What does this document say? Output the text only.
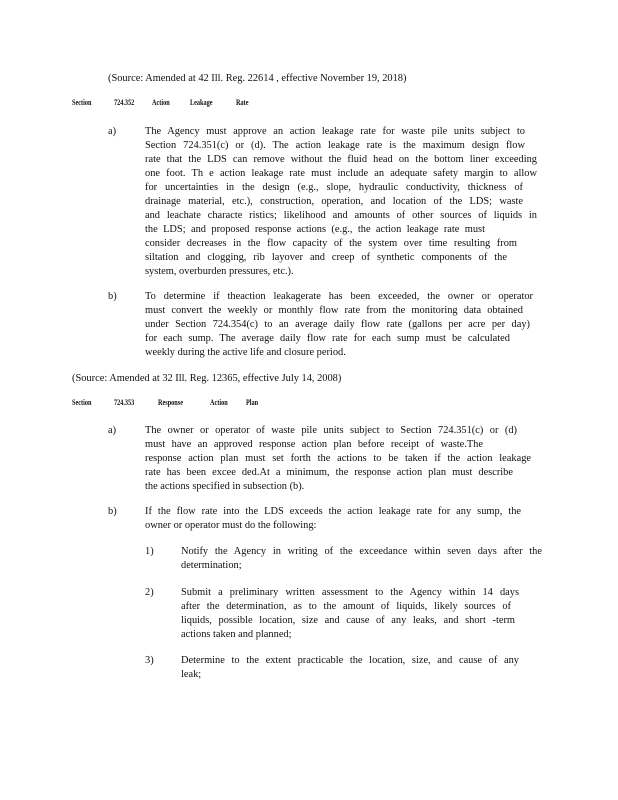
(Source: Amended at 42 Ill. Reg. 22614 , effective November 19, 2018)
Section	724.352 Action	Leakage	Rate
a)	The Agency must approve an action leakage rate for waste pile units subject to
Section 724.351(c) or (d). The action leakage rate is the maximum design flow
rate that the LDS can remove without the fluid head on the bottom liner exceeding
one foot. Th e action leakage rate must include an adequate safety margin to allow
for uncertainties in the design (e.g., slope, hydraulic conductivity, thickness of
drainage material, etc.), construction, operation, and location of the LDS; waste
and leachate characte ristics; likelihood and amounts of other sources of liquids in
the LDS; and proposed response actions (e.g., the action leakage rate must
consider decreases in the flow capacity of the system over time resulting from
siltation and clogging, rib layover and creep of synthetic components of the
system, overburden pressures, etc.).
b)	To determine if theaction leakagerate has been exceeded, the owner or operator
must convert the weekly or monthly flow rate from the monitoring data obtained
under Section 724.354(c) to an average daily flow rate (gallons per acre per day)
for each sump. The average daily flow rate for each sump must be calculated
weekly during the active life and closure period.
(Source: Amended at 32 Ill. Reg. 12365, effective July 14, 2008)
Section	724.353	Response	Action Plan
a)	The owner or operator of waste pile units subject to Section 724.351(c) or (d)
must have an approved response action plan before receipt of waste.The
response action plan must set forth the actions to be taken if the action leakage
rate has been excee ded.At a minimum, the response action plan must describe
the actions specified in subsection (b).
b)	If the flow rate into the LDS exceeds the action leakage rate for any sump, the
owner or operator must do the following:
1)	Notify the Agency in writing of the exceedance within seven days after the
determination;
2)	Submit a preliminary written assessment to the Agency within 14 days
after the determination, as to the amount of liquids, likely sources of
liquids, possible location, size and cause of any leaks, and short -term
actions taken and planned;
3)	Determine to the extent practicable the location, size, and cause of any
leak;
